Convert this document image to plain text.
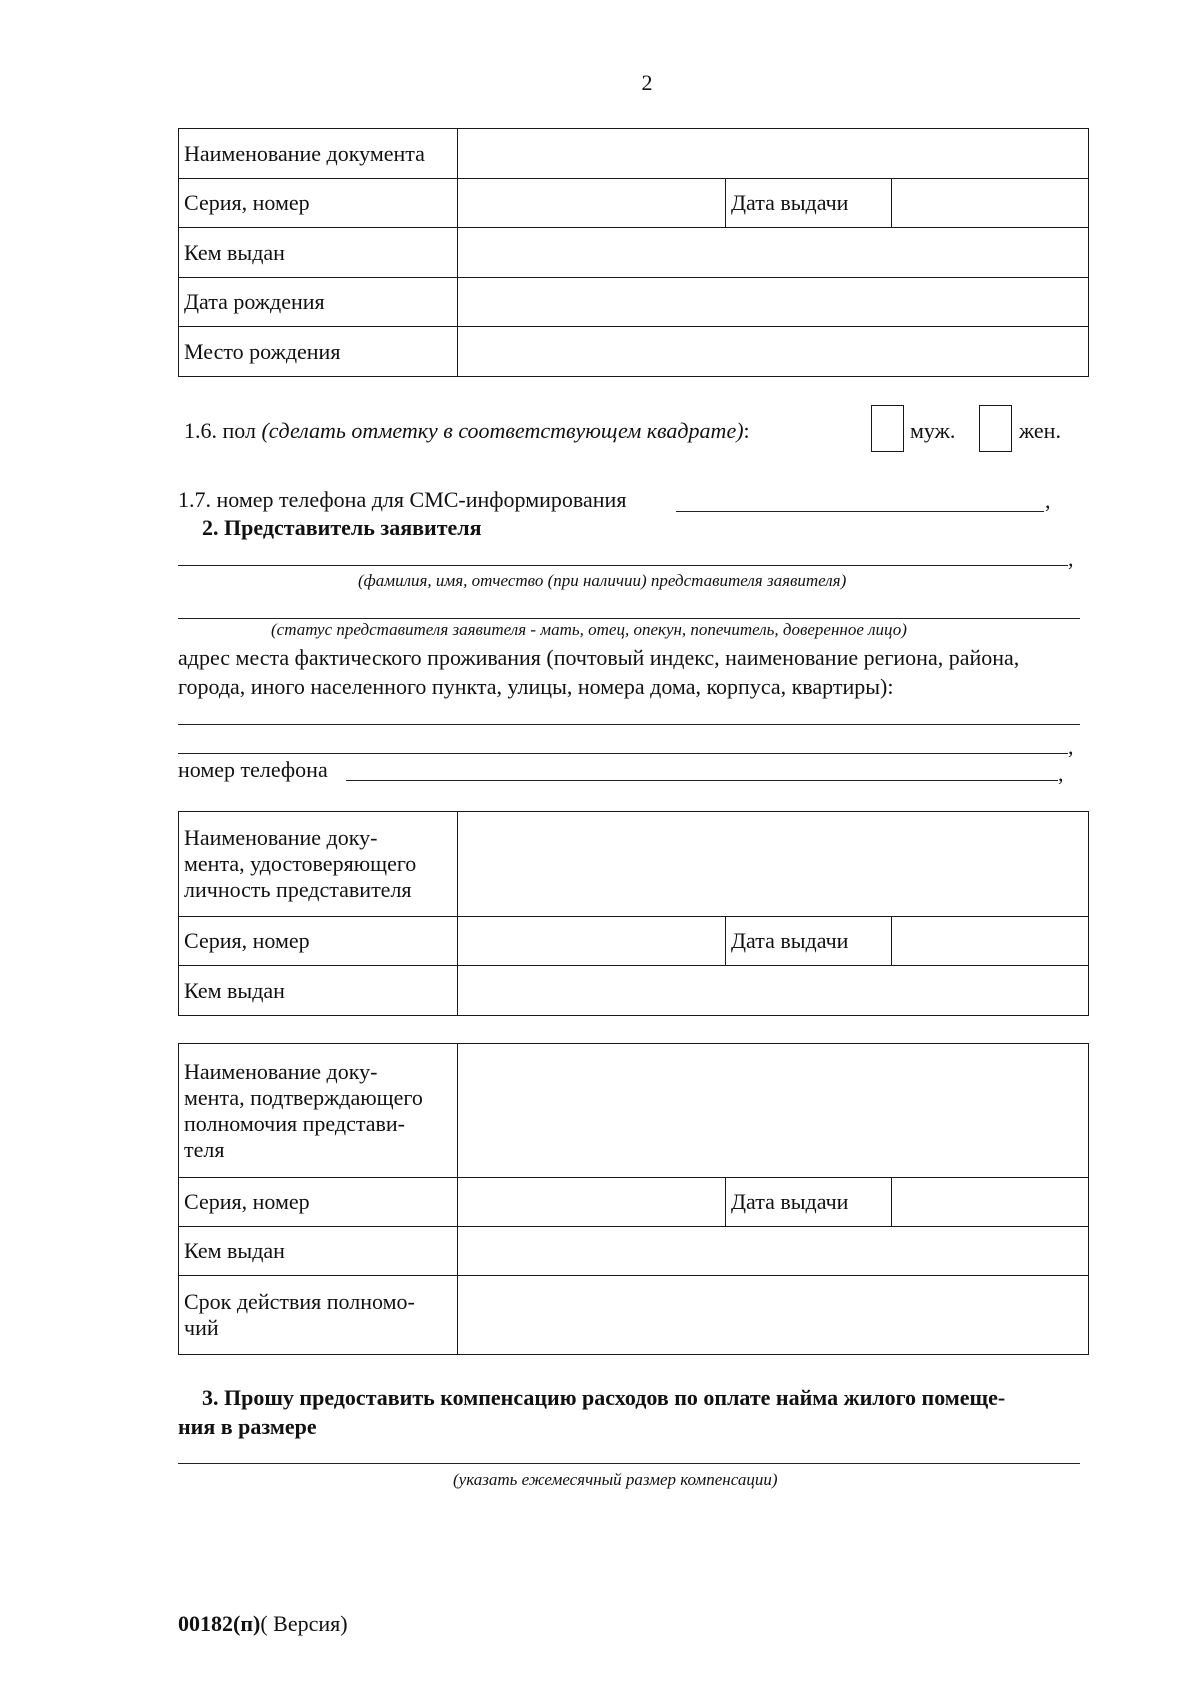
2
Наименование документа			
Серия, номер		Дата выдачи	
Кем выдан			
Дата рождения			
Место рождения			
1.6. пол (сделать отметку в соответствующем квадрате):	муж.	жен.
1.7. номер телефона для СМС-информирования	,
2. Представитель заявителя
,
(фамилия, имя, отчество (при наличии) представителя заявителя)
(статус представителя заявителя - мать, отец, опекун, попечитель, доверенное лицо)
адрес места фактического проживания (почтовый индекс, наименование региона, района,
города, иного населенного пункта, улицы, номера дома, корпуса, квартиры):
,
номер телефона	,
Наименование доку-
мента, удостоверяющего
личность представителя			

Серия, номер		Дата выдачи	
Кем выдан			
Наименование доку-
мента, подтверждающего
полномочия представи-
теля			

Серия, номер		Дата выдачи	
Кем выдан			

Срок действия полномо-
чий			

3. Прошу предоставить компенсацию расходов по оплате найма жилого помеще-
ния в размере
(указать ежемесячный размер компенсации)
00182(п)( Версия)
